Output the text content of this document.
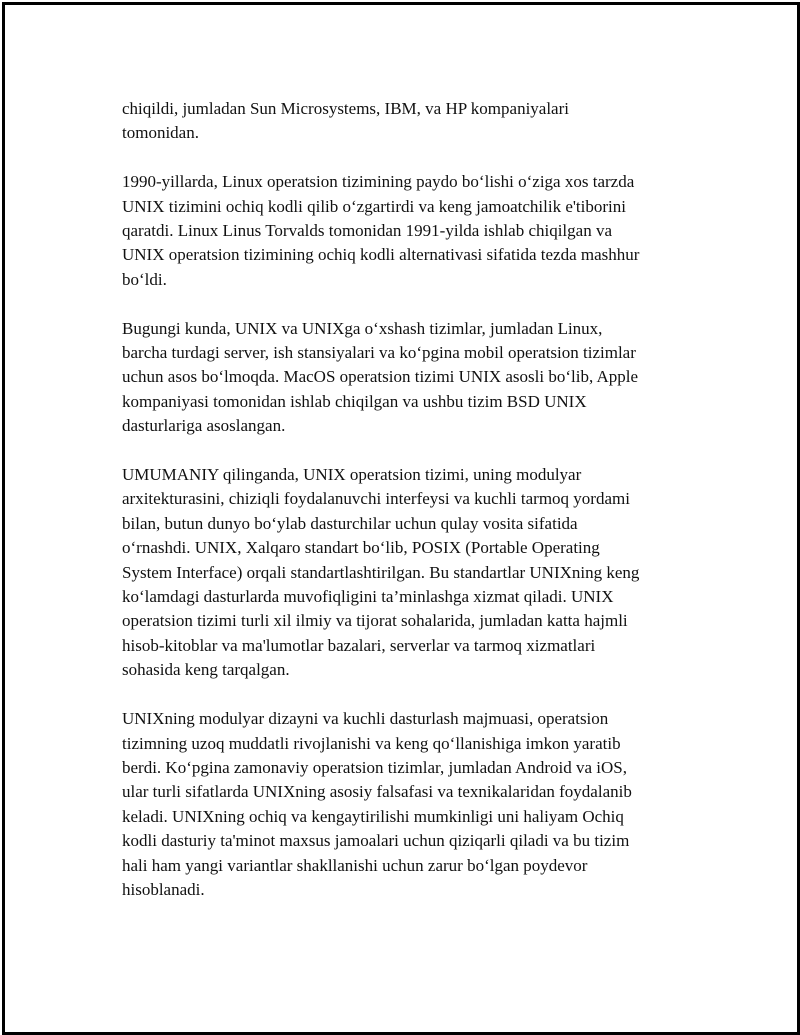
chiqildi, jumladan Sun Microsystems, IBM, va HP kompaniyalari
tomonidan.

1990-yillarda, Linux operatsion tizimining paydo bo‘lishi o‘ziga xos tarzda
UNIX tizimini ochiq kodli qilib o‘zgartirdi va keng jamoatchilik e'tiborini
qaratdi. Linux Linus Torvalds tomonidan 1991-yilda ishlab chiqilgan va
UNIX operatsion tizimining ochiq kodli alternativasi sifatida tezda mashhur
bo‘ldi.

Bugungi kunda, UNIX va UNIXga o‘xshash tizimlar, jumladan Linux,
barcha turdagi server, ish stansiyalari va ko‘pgina mobil operatsion tizimlar
uchun asos bo‘lmoqda. MacOS operatsion tizimi UNIX asosli bo‘lib, Apple
kompaniyasi tomonidan ishlab chiqilgan va ushbu tizim BSD UNIX
dasturlariga asoslangan.

UMUMANIY qilinganda, UNIX operatsion tizimi, uning modulyar
arxitekturasini, chiziqli foydalanuvchi interfeysi va kuchli tarmoq yordami
bilan, butun dunyo bo‘ylab dasturchilar uchun qulay vosita sifatida
o‘rnashdi. UNIX, Xalqaro standart bo‘lib, POSIX (Portable Operating
System Interface) orqali standartlashtirilgan. Bu standartlar UNIXning keng
ko‘lamdagi dasturlarda muvofiqligini ta’minlashga xizmat qiladi. UNIX
operatsion tizimi turli xil ilmiy va tijorat sohalarida, jumladan katta hajmli
hisob-kitoblar va ma'lumotlar bazalari, serverlar va tarmoq xizmatlari
sohasida keng tarqalgan.

UNIXning modulyar dizayni va kuchli dasturlash majmuasi, operatsion
tizimning uzoq muddatli rivojlanishi va keng qo‘llanishiga imkon yaratib
berdi. Ko‘pgina zamonaviy operatsion tizimlar, jumladan Android va iOS,
ular turli sifatlarda UNIXning asosiy falsafasi va texnikalaridan foydalanib
keladi. UNIXning ochiq va kengaytirilishi mumkinligi uni haliyam Ochiq
kodli dasturiy ta'minot maxsus jamoalari uchun qiziqarli qiladi va bu tizim
hali ham yangi variantlar shakllanishi uchun zarur bo‘lgan poydevor
hisoblanadi.
